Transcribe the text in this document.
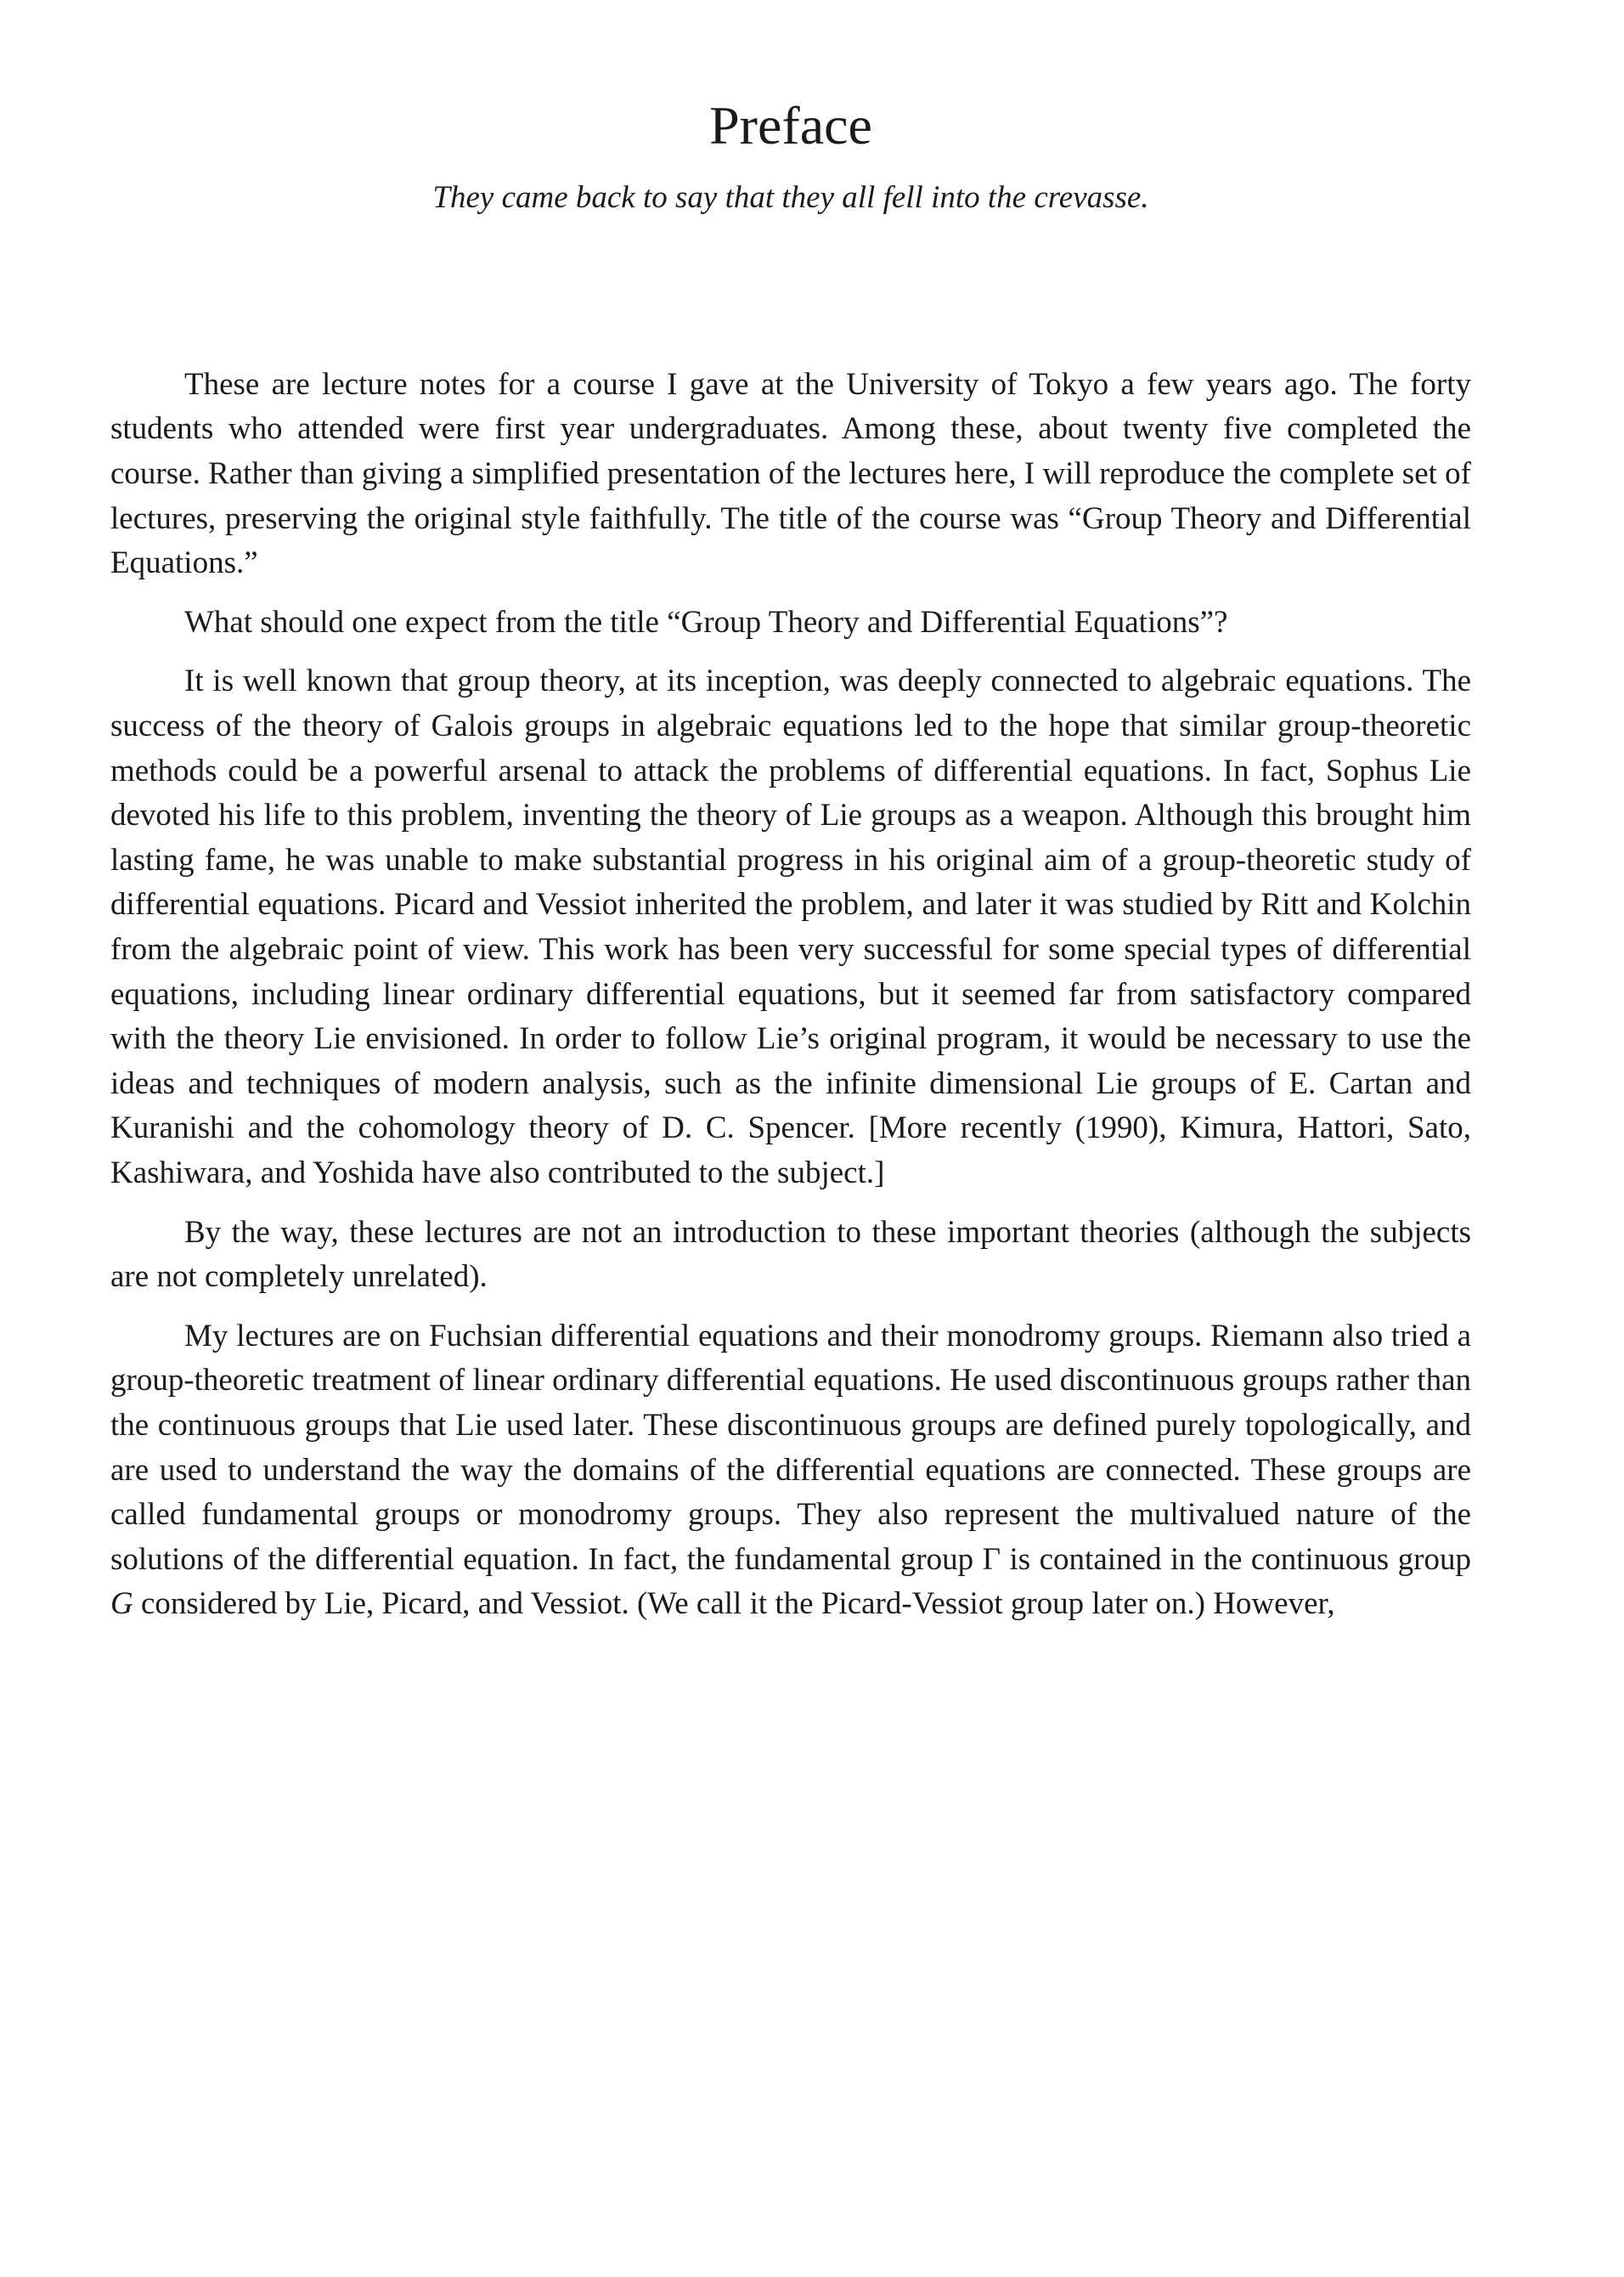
Preface
They came back to say that they all fell into the crevasse.

These are lecture notes for a course I gave at the University of Tokyo a few years ago. The forty students who attended were first year undergraduates. Among these, about twenty five completed the course. Rather than giving a simplified presentation of the lectures here, I will reproduce the complete set of lectures, preserving the original style faithfully. The title of the course was “Group Theory and Differential Equations.”

What should one expect from the title “Group Theory and Differential Equations”?

It is well known that group theory, at its inception, was deeply connected to algebraic equations. The success of the theory of Galois groups in algebraic equations led to the hope that similar group-theoretic methods could be a powerful arsenal to attack the problems of differential equations. In fact, Sophus Lie devoted his life to this problem, inventing the theory of Lie groups as a weapon. Although this brought him lasting fame, he was unable to make substantial progress in his original aim of a group-theoretic study of differential equations. Picard and Vessiot inherited the problem, and later it was studied by Ritt and Kolchin from the algebraic point of view. This work has been very successful for some special types of differential equations, including linear ordinary differential equations, but it seemed far from satisfactory compared with the theory Lie envisioned. In order to follow Lie’s original program, it would be necessary to use the ideas and techniques of modern analysis, such as the infinite dimensional Lie groups of E. Cartan and Kuranishi and the cohomology theory of D. C. Spencer. [More recently (1990), Kimura, Hattori, Sato, Kashiwara, and Yoshida have also contributed to the subject.]

By the way, these lectures are not an introduction to these important theories (although the subjects are not completely unrelated).

My lectures are on Fuchsian differential equations and their monodromy groups. Riemann also tried a group-theoretic treatment of linear ordinary differential equations. He used discontinuous groups rather than the continuous groups that Lie used later. These discontinuous groups are defined purely topologically, and are used to understand the way the domains of the differential equations are connected. These groups are called fundamental groups or monodromy groups. They also represent the multivalued nature of the solutions of the differential equation. In fact, the fundamental group Γ is contained in the continuous group G considered by Lie, Picard, and Vessiot. (We call it the Picard-Vessiot group later on.) However,
